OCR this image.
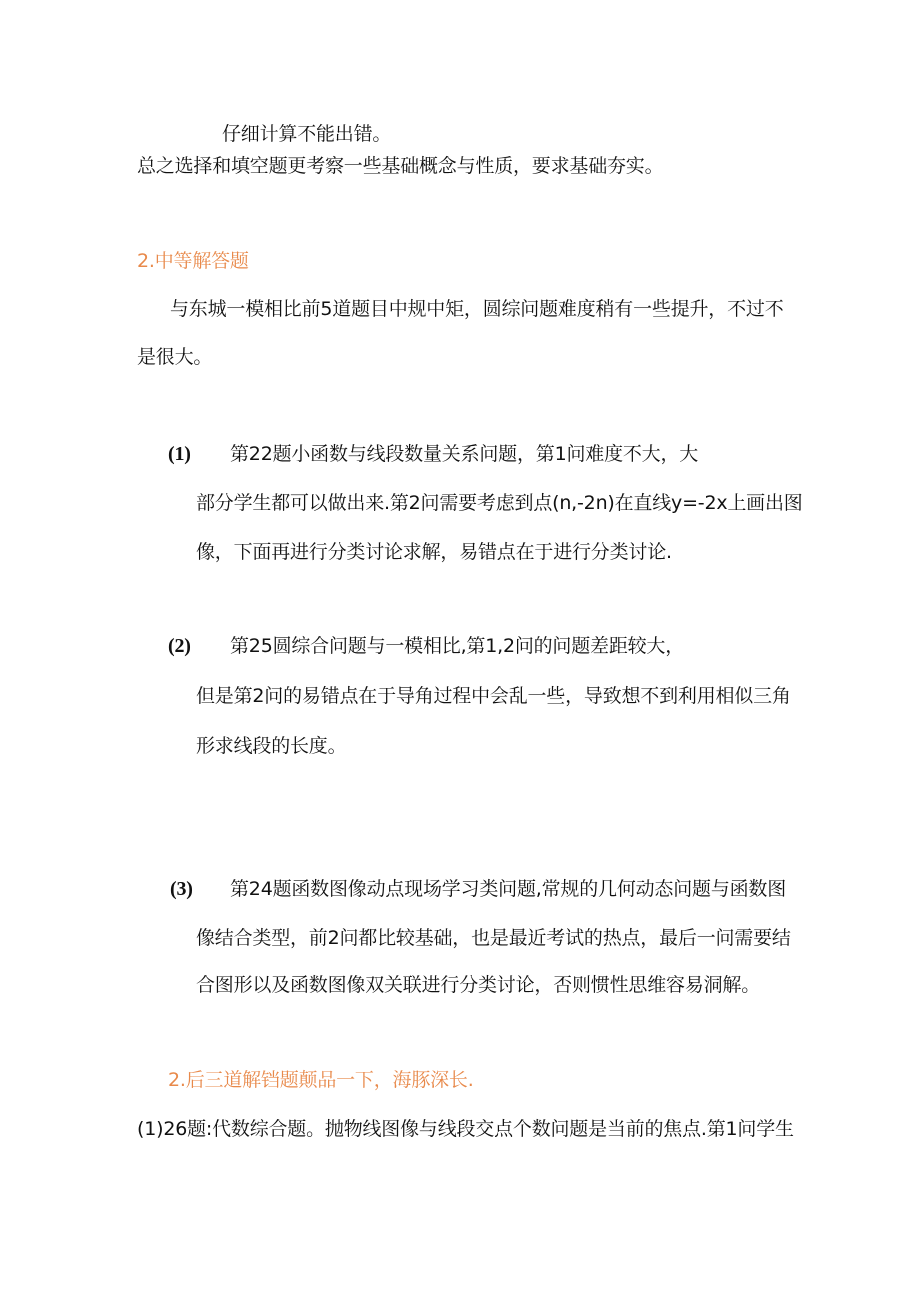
仔细计算不能出错。
总之选择和填空题更考察一些基础概念与性质，要求基础夯实。
2.中等解答题
与东城一模相比前5道题目中规中矩，圆综问题难度稍有一些提升，不过不
是很大。
(1) 第22题小函数与线段数量关系问题，第1问难度不大，大
部分学生都可以做出来.第2问需要考虑到点(n,-2n)在直线y=-2x上画出图
像，下面再进行分类讨论求解，易错点在于进行分类讨论.
(2) 第25圆综合问题与一模相比,第1,2问的问题差距较大，
但是第2问的易错点在于导角过程中会乱一些，导致想不到利用相似三角
形求线段的长度。
(3) 第24题函数图像动点现场学习类问题,常规的几何动态问题与函数图
像结合类型，前2问都比较基础，也是最近考试的热点，最后一问需要结
合图形以及函数图像双关联进行分类讨论，否则惯性思维容易洞解。
2.后三道解铛题颠品一下，海豚深长.
(1)26题:代数综合题。抛物线图像与线段交点个数问题是当前的焦点.第1问学生
